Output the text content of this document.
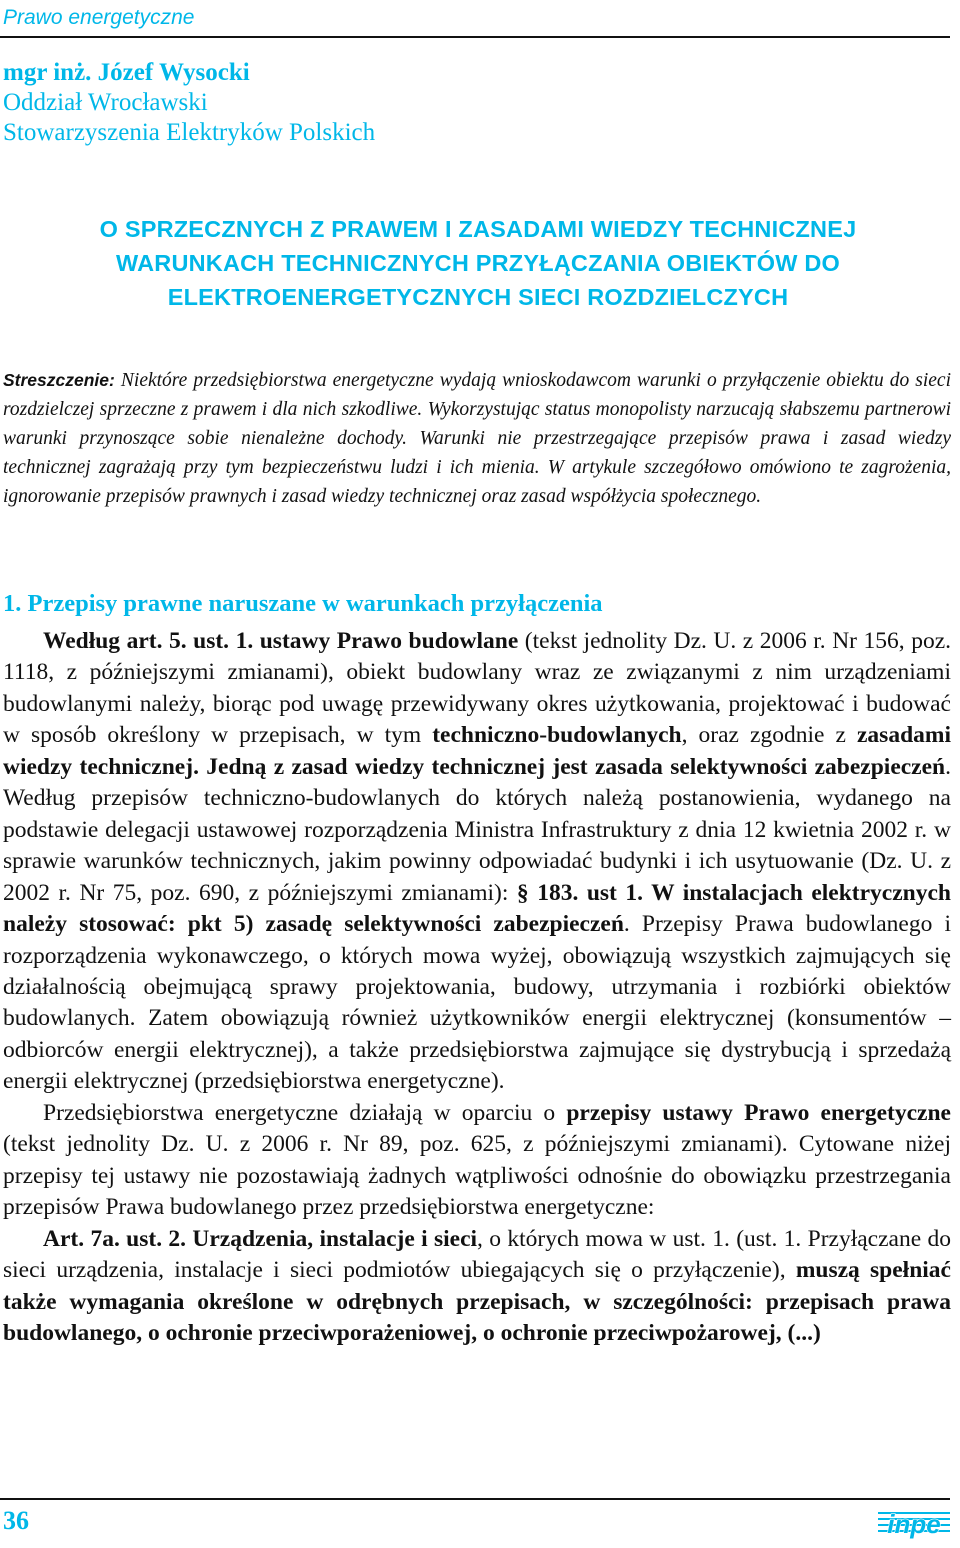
Prawo energetyczne
mgr inż. Józef Wysocki
Oddział Wrocławski
Stowarzyszenia Elektryków Polskich
O SPRZECZNYCH Z PRAWEM I ZASADAMI WIEDZY TECHNICZNEJ
WARUNKACH TECHNICZNYCH PRZYŁĄCZANIA OBIEKTÓW DO
ELEKTROENERGETYCZNYCH SIECI ROZDZIELCZYCH
Streszczenie: Niektóre przedsiębiorstwa energetyczne wydają wnioskodawcom warunki o przyłączenie obiektu do sieci rozdzielczej sprzeczne z prawem i dla nich szkodliwe. Wykorzystując status monopolisty narzucają słabszemu partnerowi warunki przynoszące sobie nienależne dochody. Warunki nie przestrzegające przepisów prawa i zasad wiedzy technicznej zagrażają przy tym bezpieczeństwu ludzi i ich mienia. W artykule szczegółowo omówiono te zagrożenia, ignorowanie przepisów prawnych i zasad wiedzy technicznej oraz zasad współżycia społecznego.
1. Przepisy prawne naruszane w warunkach przyłączenia

Według art. 5. ust. 1. ustawy Prawo budowlane (tekst jednolity Dz. U. z 2006 r. Nr 156, poz. 1118, z późniejszymi zmianami), obiekt budowlany wraz ze związanymi z nim urządzeniami budowlanymi należy, biorąc pod uwagę przewidywany okres użytkowania, projektować i budować w sposób określony w przepisach, w tym techniczno-budowlanych, oraz zgodnie z zasadami wiedzy technicznej. Jedną z zasad wiedzy technicznej jest zasada selektywności zabezpieczeń. Według przepisów techniczno-budowlanych do których należą postanowienia, wydanego na podstawie delegacji ustawowej rozporządzenia Ministra Infrastruktury z dnia 12 kwietnia 2002 r. w sprawie warunków technicznych, jakim powinny odpowiadać budynki i ich usytuowanie (Dz. U. z 2002 r. Nr 75, poz. 690, z późniejszymi zmianami): § 183. ust 1. W instalacjach elektrycznych należy stosować: pkt 5) zasadę selektywności zabezpieczeń. Przepisy Prawa budowlanego i rozporządzenia wykonawczego, o których mowa wyżej, obowiązują wszystkich zajmujących się działalnością obejmującą sprawy projektowania, budowy, utrzymania i rozbiórki obiektów budowlanych. Zatem obowiązują również użytkowników energii elektrycznej (konsumentów – odbiorców energii elektrycznej), a także przedsiębiorstwa zajmujące się dystrybucją i sprzedażą energii elektrycznej (przedsiębiorstwa energetyczne).

Przedsiębiorstwa energetyczne działają w oparciu o przepisy ustawy Prawo energetyczne (tekst jednolity Dz. U. z 2006 r. Nr 89, poz. 625, z późniejszymi zmianami). Cytowane niżej przepisy tej ustawy nie pozostawiają żadnych wątpliwości odnośnie do obowiązku przestrzegania przepisów Prawa budowlanego przez przedsiębiorstwa energetyczne:

Art. 7a. ust. 2. Urządzenia, instalacje i sieci, o których mowa w ust. 1. (ust. 1. Przyłączane do sieci urządzenia, instalacje i sieci podmiotów ubiegających się o przyłączenie), muszą spełniać także wymagania określone w odrębnych przepisach, w szczególności: przepisach prawa budowlanego, o ochronie przeciwporażeniowej, o ochronie przeciwpożarowej, (...)

36	inpe
